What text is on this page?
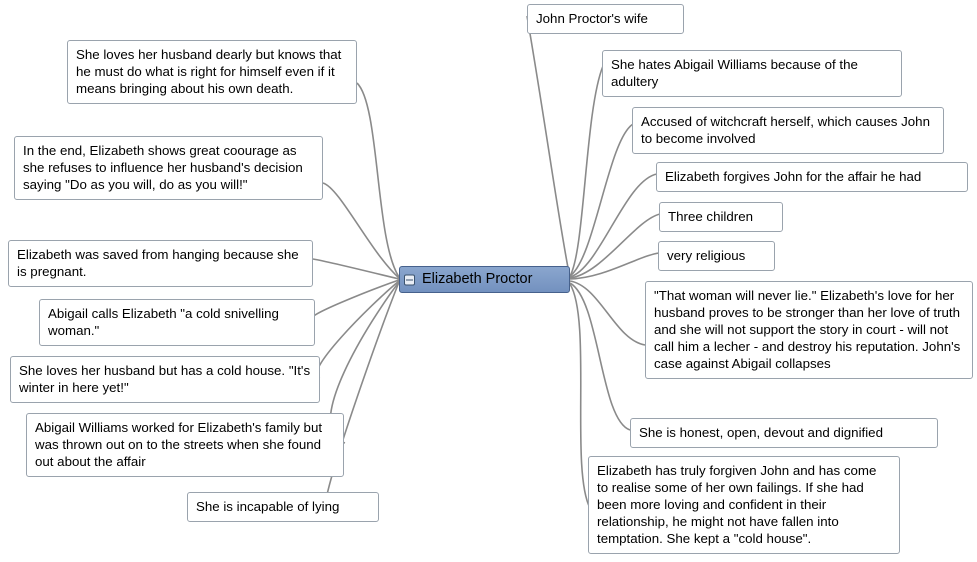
Elizabeth Proctor
John Proctor's wife
She hates Abigail Williams because of the adultery
Accused of witchcraft herself, which causes John to become involved
Elizabeth forgives John for the affair he had
Three children
very religious
"That woman will never lie." Elizabeth's love for her husband proves to be stronger than her love of truth and she will not support the story in court - will not call him a lecher - and destroy his reputation. John's case against Abigail collapses
She is honest, open, devout and dignified
Elizabeth has truly forgiven John and has come to realise some of her own failings. If she had been more loving and confident in their relationship, he might not have fallen into temptation. She kept a "cold house".
She is incapable of lying
Abigail Williams worked for Elizabeth's family but was thrown out on to the streets when she found out about the affair
She loves her husband but has a cold house. "It's winter in here yet!"
Abigail calls Elizabeth "a cold snivelling woman."
Elizabeth was saved from hanging because she is pregnant.
In the end, Elizabeth shows great coourage as she refuses to influence her husband's decision saying "Do as you will, do as you will!"
She loves her husband dearly but knows that he must do what is right for himself even if it means bringing about his own death.
